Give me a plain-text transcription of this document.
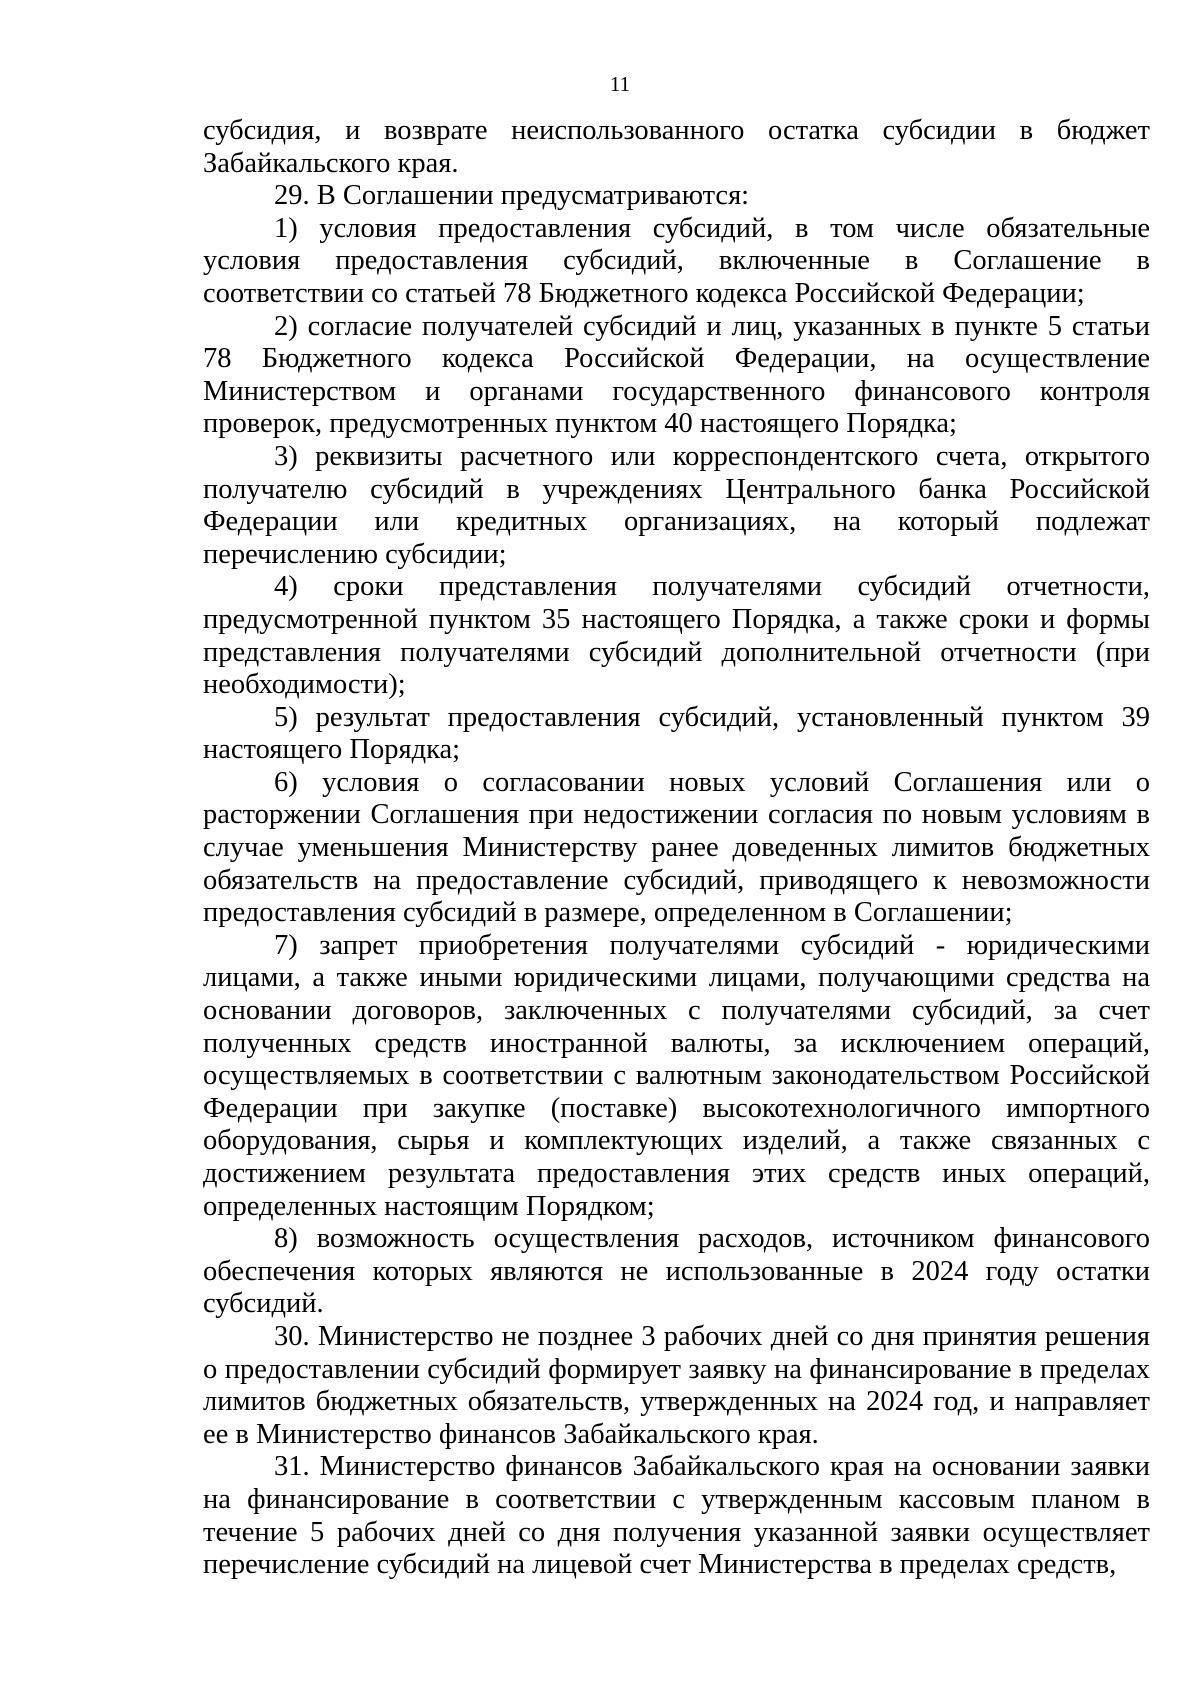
11

субсидия, и возврате неиспользованного остатка субсидии в бюджет Забайкальского края.

29. В Соглашении предусматриваются:

1) условия предоставления субсидий, в том числе обязательные условия предоставления субсидий, включенные в Соглашение в соответствии со статьей 78 Бюджетного кодекса Российской Федерации;

2) согласие получателей субсидий и лиц, указанных в пункте 5 статьи 78 Бюджетного кодекса Российской Федерации, на осуществление Министерством и органами государственного финансового контроля проверок, предусмотренных пунктом 40 настоящего Порядка;

3) реквизиты расчетного или корреспондентского счета, открытого получателю субсидий в учреждениях Центрального банка Российской Федерации или кредитных организациях, на который подлежат перечислению субсидии;

4) сроки представления получателями субсидий отчетности, предусмотренной пунктом 35 настоящего Порядка, а также сроки и формы представления получателями субсидий дополнительной отчетности (при необходимости);

5) результат предоставления субсидий, установленный пунктом 39 настоящего Порядка;

6) условия о согласовании новых условий Соглашения или о расторжении Соглашения при недостижении согласия по новым условиям в случае уменьшения Министерству ранее доведенных лимитов бюджетных обязательств на предоставление субсидий, приводящего к невозможности предоставления субсидий в размере, определенном в Соглашении;

7) запрет приобретения получателями субсидий - юридическими лицами, а также иными юридическими лицами, получающими средства на основании договоров, заключенных с получателями субсидий, за счет полученных средств иностранной валюты, за исключением операций, осуществляемых в соответствии с валютным законодательством Российской Федерации при закупке (поставке) высокотехнологичного импортного оборудования, сырья и комплектующих изделий, а также связанных с достижением результата предоставления этих средств иных операций, определенных настоящим Порядком;

8) возможность осуществления расходов, источником финансового обеспечения которых являются не использованные в 2024 году остатки субсидий.

30. Министерство не позднее 3 рабочих дней со дня принятия решения о предоставлении субсидий формирует заявку на финансирование в пределах лимитов бюджетных обязательств, утвержденных на 2024 год, и направляет ее в Министерство финансов Забайкальского края.

31. Министерство финансов Забайкальского края на основании заявки на финансирование в соответствии с утвержденным кассовым планом в течение 5 рабочих дней со дня получения указанной заявки осуществляет перечисление субсидий на лицевой счет Министерства в пределах средств,
